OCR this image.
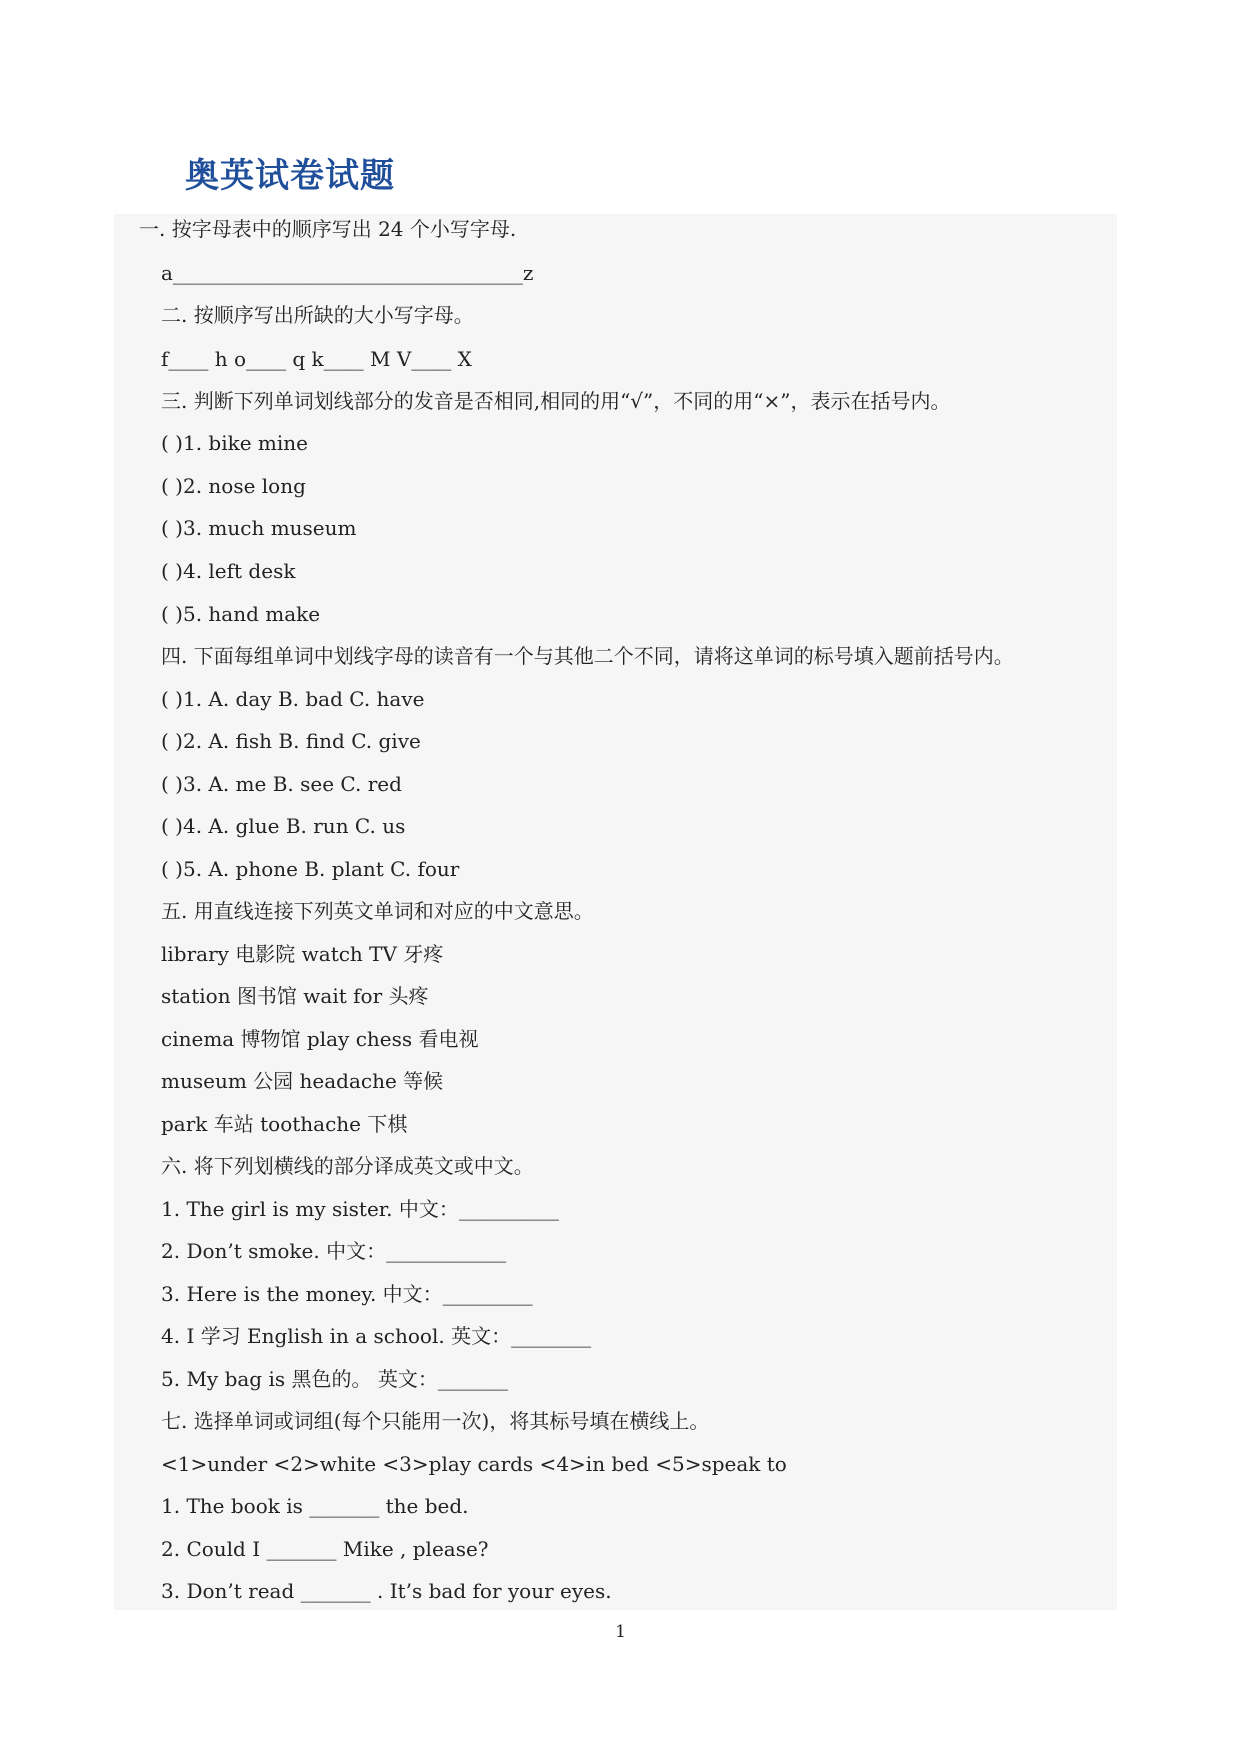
奥英试卷试题
一. 按字母表中的顺序写出 24 个小写字母.
a___________________________________z
二. 按顺序写出所缺的大小写字母。
f____ h o____ q k____ M V____ X
三. 判断下列单词划线部分的发音是否相同,相同的用“√”，不同的用“×”，表示在括号内。
( )1. bike mine
( )2. nose long
( )3. much museum
( )4. left desk
( )5. hand make
四. 下面每组单词中划线字母的读音有一个与其他二个不同，请将这单词的标号填入题前括号内。
( )1. A. day B. bad C. have
( )2. A. fish B. find C. give
( )3. A. me B. see C. red
( )4. A. glue B. run C. us
( )5. A. phone B. plant C. four
五. 用直线连接下列英文单词和对应的中文意思。
library 电影院 watch TV 牙疼
station 图书馆 wait for 头疼
cinema 博物馆 play chess 看电视
museum 公园 headache 等候
park 车站 toothache 下棋
六. 将下列划横线的部分译成英文或中文。
1. The girl is my sister. 中文：__________
2. Don’t smoke. 中文：____________
3. Here is the money. 中文：_________
4. I 学习 English in a school. 英文：________
5. My bag is 黑色的。 英文：_______
七. 选择单词或词组(每个只能用一次)，将其标号填在横线上。
<1>under <2>white <3>play cards <4>in bed <5>speak to
1. The book is _______ the bed.
2. Could I _______ Mike , please?
3. Don’t read _______ . It’s bad for your eyes.
1
